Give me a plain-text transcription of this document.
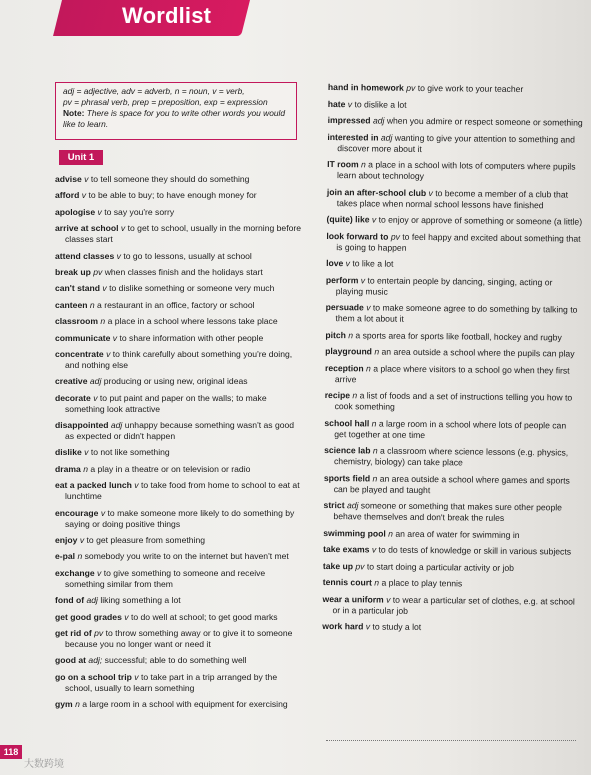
Wordlist
adj = adjective, adv = adverb, n = noun, v = verb,
pv = phrasal verb, prep = preposition, exp = expression
Note: There is space for you to write other words you would like to learn.
Unit 1
advise v to tell someone they should do something
afford v to be able to buy; to have enough money for
apologise v to say you're sorry
arrive at school v to get to school, usually in the morning before classes start
attend classes v to go to lessons, usually at school
break up pv when classes finish and the holidays start
can't stand v to dislike something or someone very much
canteen n a restaurant in an office, factory or school
classroom n a place in a school where lessons take place
communicate v to share information with other people
concentrate v to think carefully about something you're doing, and nothing else
creative adj producing or using new, original ideas
decorate v to put paint and paper on the walls; to make something look attractive
disappointed adj unhappy because something wasn't as good as expected or didn't happen
dislike v to not like something
drama n a play in a theatre or on television or radio
eat a packed lunch v to take food from home to school to eat at lunchtime
encourage v to make someone more likely to do something by saying or doing positive things
enjoy v to get pleasure from something
e-pal n somebody you write to on the internet but haven't met
exchange v to give something to someone and receive something similar from them
fond of adj liking something a lot
get good grades v to do well at school; to get good marks
get rid of pv to throw something away or to give it to someone because you no longer want or need it
good at adj; successful; able to do something well
go on a school trip v to take part in a trip arranged by the school, usually to learn something
gym n a large room in a school with equipment for exercising
hand in homework pv to give work to your teacher
hate v to dislike a lot
impressed adj when you admire or respect someone or something
interested in adj wanting to give your attention to something and discover more about it
IT room n a place in a school with lots of computers where pupils learn about technology
join an after-school club v to become a member of a club that takes place when normal school lessons have finished
(quite) like v to enjoy or approve of something or someone (a little)
look forward to pv to feel happy and excited about something that is going to happen
love v to like a lot
perform v to entertain people by dancing, singing, acting or playing music
persuade v to make someone agree to do something by talking to them a lot about it
pitch n a sports area for sports like football, hockey and rugby
playground n an area outside a school where the pupils can play
reception n a place where visitors to a school go when they first arrive
recipe n a list of foods and a set of instructions telling you how to cook something
school hall n a large room in a school where lots of people can get together at one time
science lab n a classroom where science lessons (e.g. physics, chemistry, biology) can take place
sports field n an area outside a school where games and sports can be played and taught
strict adj someone or something that makes sure other people behave themselves and don't break the rules
swimming pool n an area of water for swimming in
take exams v to do tests of knowledge or skill in various subjects
take up pv to start doing a particular activity or job
tennis court n a place to play tennis
wear a uniform v to wear a particular set of clothes, e.g. at school or in a particular job
work hard v to study a lot
118
大数跨境
